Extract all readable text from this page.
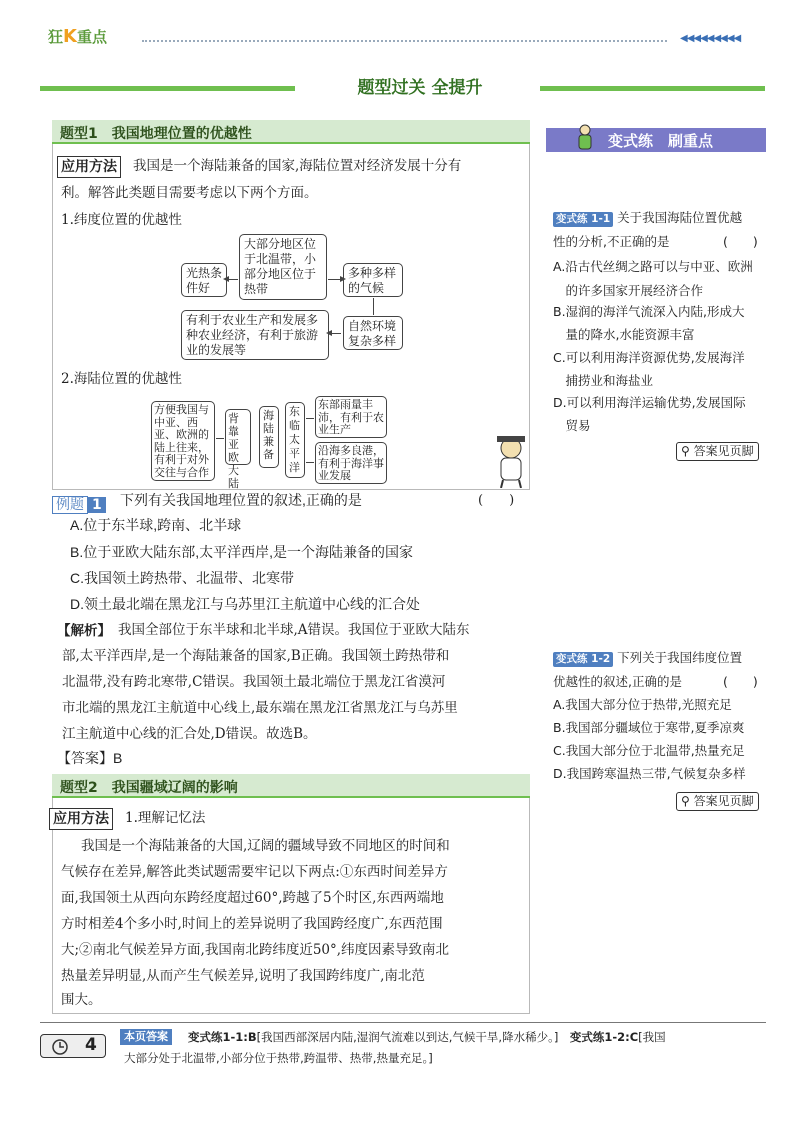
狂K重点	◀◀◀◀◀◀◀◀◀
题型过关 全提升
题型1　我国地理位置的优越性
应用方法 我国是一个海陆兼备的国家,海陆位置对经济发展十分有
利。解答此类题目需要考虑以下两个方面。
1.纬度位置的优越性
大部分地区位于北温带，小部分地区位于热带
光热条件好
多种多样的气候
有利于农业生产和发展多种农业经济，有利于旅游业的发展等
自然环境复杂多样
2.海陆位置的优越性
方便我国与中亚、西亚、欧洲的陆上往来，有利于对外交往与合作
背靠亚欧大陆
海陆兼备
东临太平洋
东部雨量丰沛，有利于农业生产
沿海多良港，有利于海洋事业发展
例题 1 下列有关我国地理位置的叙述,正确的是	(　　)
A.位于东半球,跨南、北半球
B.位于亚欧大陆东部,太平洋西岸,是一个海陆兼备的国家
C.我国领土跨热带、北温带、北寒带
D.领土最北端在黑龙江与乌苏里江主航道中心线的汇合处
【解析】 我国全部位于东半球和北半球,A错误。我国位于亚欧大陆东
部,太平洋西岸,是一个海陆兼备的国家,B正确。我国领土跨热带和
北温带,没有跨北寒带,C错误。我国领土最北端位于黑龙江省漠河
市北端的黑龙江主航道中心线上,最东端在黑龙江省黑龙江与乌苏里
江主航道中心线的汇合处,D错误。故选B。
【答案】B
题型2　我国疆域辽阔的影响
应用方法 1.理解记忆法
我国是一个海陆兼备的大国,辽阔的疆域导致不同地区的时间和
气候存在差异,解答此类试题需要牢记以下两点:①东西时间差异方
面,我国领土从西向东跨经度超过60°,跨越了5个时区,东西两端地
方时相差4个多小时,时间上的差异说明了我国跨经度广,东西范围
大;②南北气候差异方面,我国南北跨纬度近50°,纬度因素导致南北
热量差异明显,从而产生气候差异,说明了我国跨纬度广,南北范
围大。
变式练　刷重点
变式练 1-1 关于我国海陆位置优越
性的分析,不正确的是	(　　)
A.沿古代丝绸之路可以与中亚、欧洲
　的许多国家开展经济合作
B.湿润的海洋气流深入内陆,形成大
　量的降水,水能资源丰富
C.可以利用海洋资源优势,发展海洋
　捕捞业和海盐业
D.可以利用海洋运输优势,发展国际
　贸易
⚲ 答案见页脚
变式练 1-2 下列关于我国纬度位置
优越性的叙述,正确的是	(　　)
A.我国大部分位于热带,光照充足
B.我国部分疆域位于寒带,夏季凉爽
C.我国大部分位于北温带,热量充足
D.我国跨寒温热三带,气候复杂多样
⚲ 答案见页脚
4	本页答案	变式练1-1:B[我国西部深居内陆,湿润气流难以到达,气候干旱,降水稀少。]　 变式练1-2:C[我国
大部分处于北温带,小部分位于热带,跨温带、热带,热量充足。]
